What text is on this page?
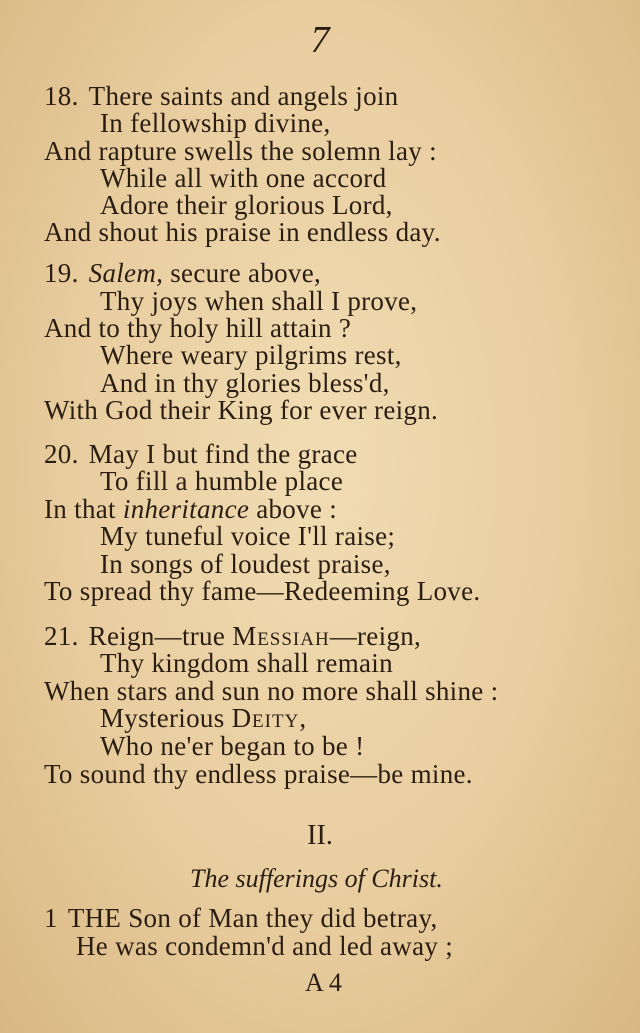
7
18. There saints and angels join
In fellowship divine,
And rapture swells the solemn lay :
While all with one accord
Adore their glorious Lord,
And shout his praise in endless day.
19. Salem, secure above,
Thy joys when shall I prove,
And to thy holy hill attain ?
Where weary pilgrims rest,
And in thy glories bless'd,
With God their King for ever reign.
20. May I but find the grace
To fill a humble place
In that inheritance above :
My tuneful voice I'll raise;
In songs of loudest praise,
To spread thy fame—Redeeming Love.
21. Reign—true Messiah—reign,
Thy kingdom shall remain
When stars and sun no more shall shine :
Mysterious Deity,
Who ne'er began to be !
To sound thy endless praise—be mine.
II.
The sufferings of Christ.
1 THE Son of Man they did betray,
He was condemn'd and led away ;
A 4
